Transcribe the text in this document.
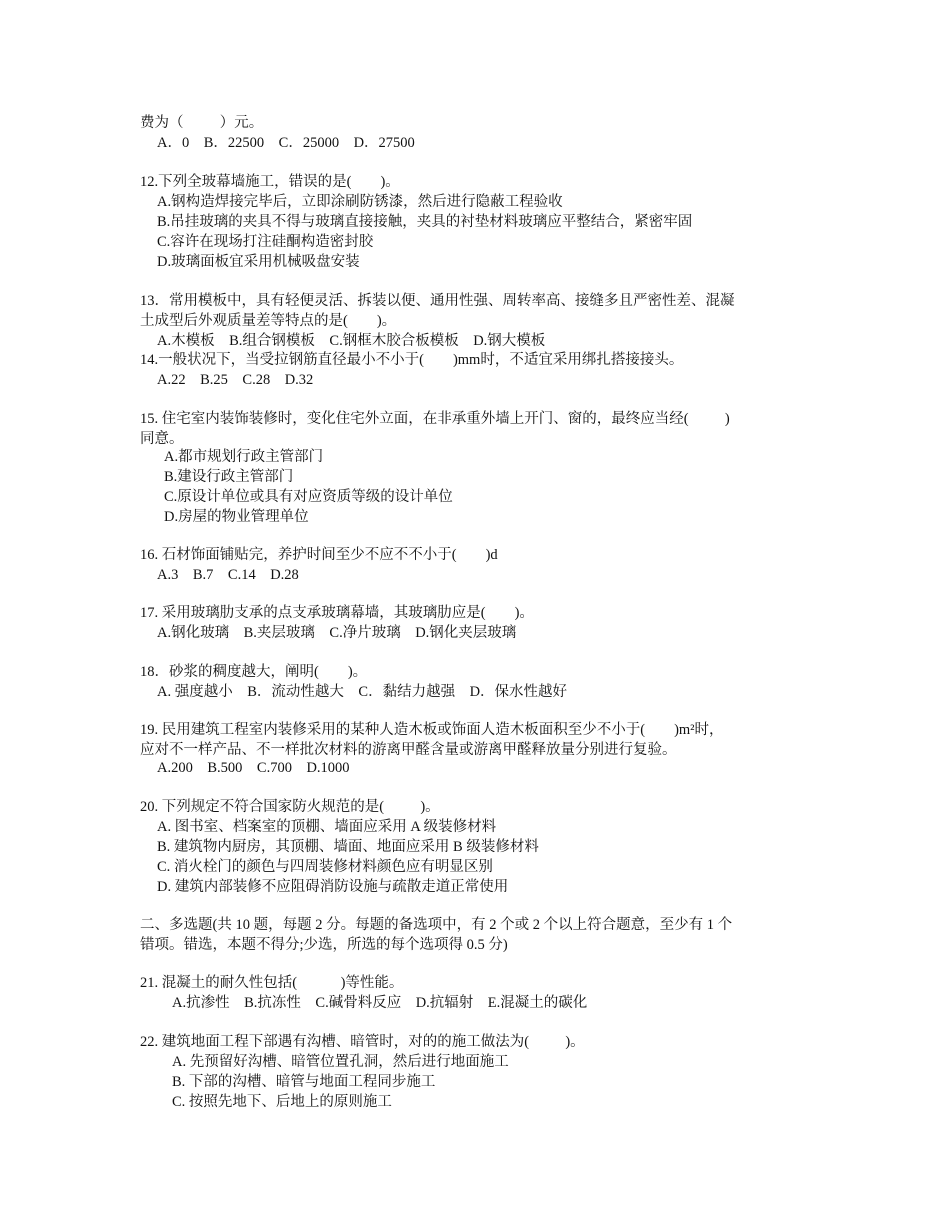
费为（          ）元。
A．0    B．22500    C．25000    D．27500
12.下列全玻幕墙施工，错误的是(        )。
A.钢构造焊接完毕后，立即涂刷防锈漆，然后进行隐蔽工程验收
B.吊挂玻璃的夹具不得与玻璃直接接触，夹具的衬垫材料玻璃应平整结合，紧密牢固
C.容许在现场打注硅酮构造密封胶
D.玻璃面板宜采用机械吸盘安装
13．常用模板中，具有轻便灵活、拆装以便、通用性强、周转率高、接缝多且严密性差、混凝
土成型后外观质量差等特点的是(        )。
A.木模板    B.组合钢模板    C.钢框木胶合板模板    D.钢大模板
14.一般状况下，当受拉钢筋直径最小不小于(        )mm时，不适宜采用绑扎搭接接头。
A.22    B.25    C.28    D.32
15. 住宅室内装饰装修时，变化住宅外立面，在非承重外墙上开门、窗的，最终应当经(          )
同意。
A.都市规划行政主管部门
B.建设行政主管部门
C.原设计单位或具有对应资质等级的设计单位
D.房屋的物业管理单位
16. 石材饰面铺贴完，养护时间至少不应不不小于(        )d
A.3    B.7    C.14    D.28
17. 采用玻璃肋支承的点支承玻璃幕墙，其玻璃肋应是(        )。
A.钢化玻璃    B.夹层玻璃    C.净片玻璃    D.钢化夹层玻璃
18．砂浆的稠度越大，阐明(        )。
A. 强度越小    B．流动性越大    C．黏结力越强    D．保水性越好
19. 民用建筑工程室内装修采用的某种人造木板或饰面人造木板面积至少不小于(        )m²时，
应对不一样产品、不一样批次材料的游离甲醛含量或游离甲醛释放量分别进行复验。
A.200    B.500    C.700    D.1000
20. 下列规定不符合国家防火规范的是(          )。
A. 图书室、档案室的顶棚、墙面应采用 A 级装修材料
B. 建筑物内厨房，其顶棚、墙面、地面应采用 B 级装修材料
C. 消火栓门的颜色与四周装修材料颜色应有明显区别
D. 建筑内部装修不应阻碍消防设施与疏散走道正常使用
二、多选题(共 10 题，每题 2 分。每题的备选项中，有 2 个或 2 个以上符合题意，至少有 1 个
错项。错选，本题不得分;少选，所选的每个选项得 0.5 分)
21. 混凝土的耐久性包括(            )等性能。
A.抗渗性    B.抗冻性    C.碱骨料反应    D.抗辐射    E.混凝土的碳化
22. 建筑地面工程下部遇有沟槽、暗管时，对的的施工做法为(          )。
A. 先预留好沟槽、暗管位置孔洞，然后进行地面施工
B. 下部的沟槽、暗管与地面工程同步施工
C. 按照先地下、后地上的原则施工
